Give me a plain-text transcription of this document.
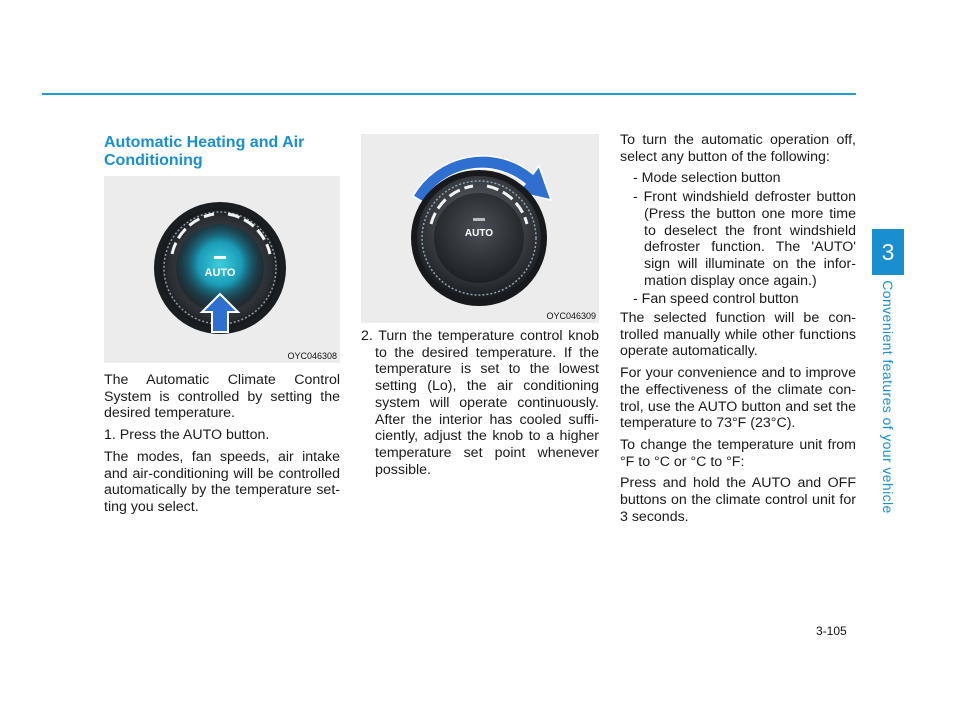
3
Convenient features of your vehicle
Automatic Heating and Air Conditioning
AUTO
OYC046308

The Automatic Climate Control System is controlled by setting the desired temperature.

1. Press the AUTO button.

The modes, fan speeds, air intake and air-conditioning will be controlled automatically by the temperature set-ting you select.

AUTO
OYC046309

2. Turn the temperature control knob to the desired temperature. If the temperature is set to the lowest setting (Lo), the air conditioning system will operate continuously. After the interior has cooled suffi-ciently, adjust the knob to a higher temperature set point whenever possible.

To turn the automatic operation off, select any button of the following:

- Mode selection button

- Front windshield defroster button (Press the button one more time to deselect the front windshield defroster function. The 'AUTO' sign will illuminate on the infor-mation display once again.)

- Fan speed control button

The selected function will be con-trolled manually while other functions operate automatically.

For your convenience and to improve the effectiveness of the climate con-trol, use the AUTO button and set the temperature to 73°F (23°C).

To change the temperature unit from °F to °C or °C to °F:

Press and hold the AUTO and OFF buttons on the climate control unit for 3 seconds.

3-105
